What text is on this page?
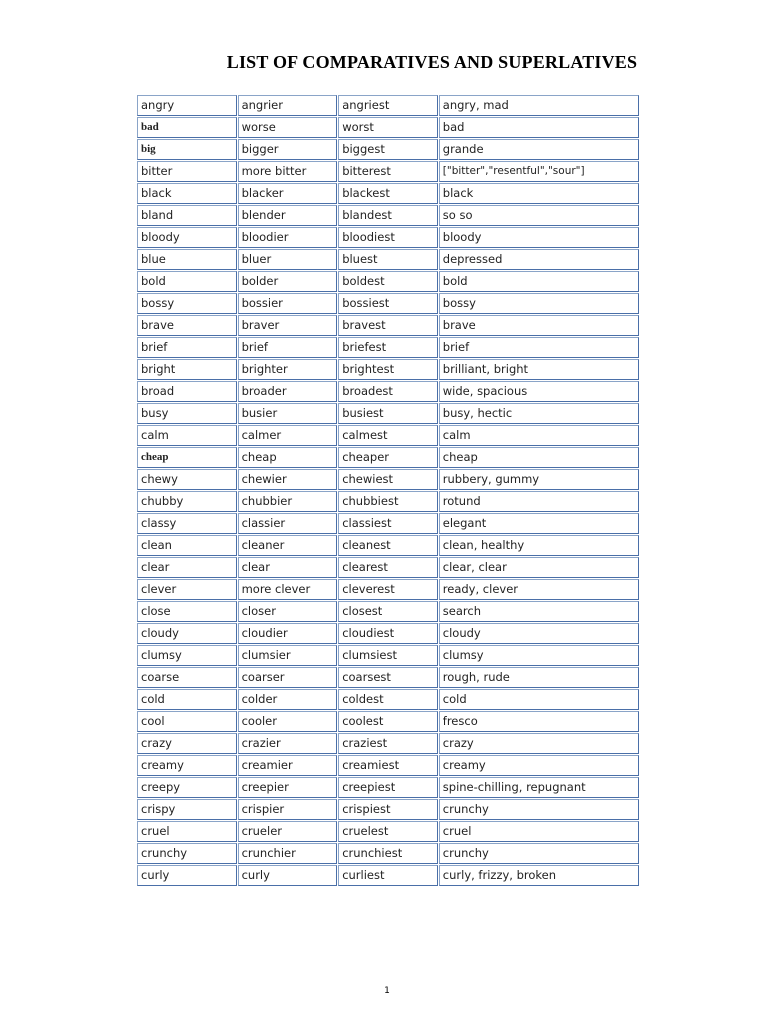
LIST OF COMPARATIVES AND SUPERLATIVES
angry	angrier	angriest	angry, mad
bad	worse	worst	bad
big	bigger	biggest	grande
bitter	more bitter	bitterest	["bitter","resentful","sour"]
black	blacker	blackest	black
bland	blender	blandest	so so
bloody	bloodier	bloodiest	bloody
blue	bluer	bluest	depressed
bold	bolder	boldest	bold
bossy	bossier	bossiest	bossy
brave	braver	bravest	brave
brief	brief	briefest	brief
bright	brighter	brightest	brilliant, bright
broad	broader	broadest	wide, spacious
busy	busier	busiest	busy, hectic
calm	calmer	calmest	calm
cheap	cheap	cheaper	cheap
chewy	chewier	chewiest	rubbery, gummy
chubby	chubbier	chubbiest	rotund
classy	classier	classiest	elegant
clean	cleaner	cleanest	clean, healthy
clear	clear	clearest	clear, clear
clever	more clever	cleverest	ready, clever
close	closer	closest	search
cloudy	cloudier	cloudiest	cloudy
clumsy	clumsier	clumsiest	clumsy
coarse	coarser	coarsest	rough, rude
cold	colder	coldest	cold
cool	cooler	coolest	fresco
crazy	crazier	craziest	crazy
creamy	creamier	creamiest	creamy
creepy	creepier	creepiest	spine-chilling, repugnant
crispy	crispier	crispiest	crunchy
cruel	crueler	cruelest	cruel
crunchy	crunchier	crunchiest	crunchy
curly	curly	curliest	curly, frizzy, broken
1
